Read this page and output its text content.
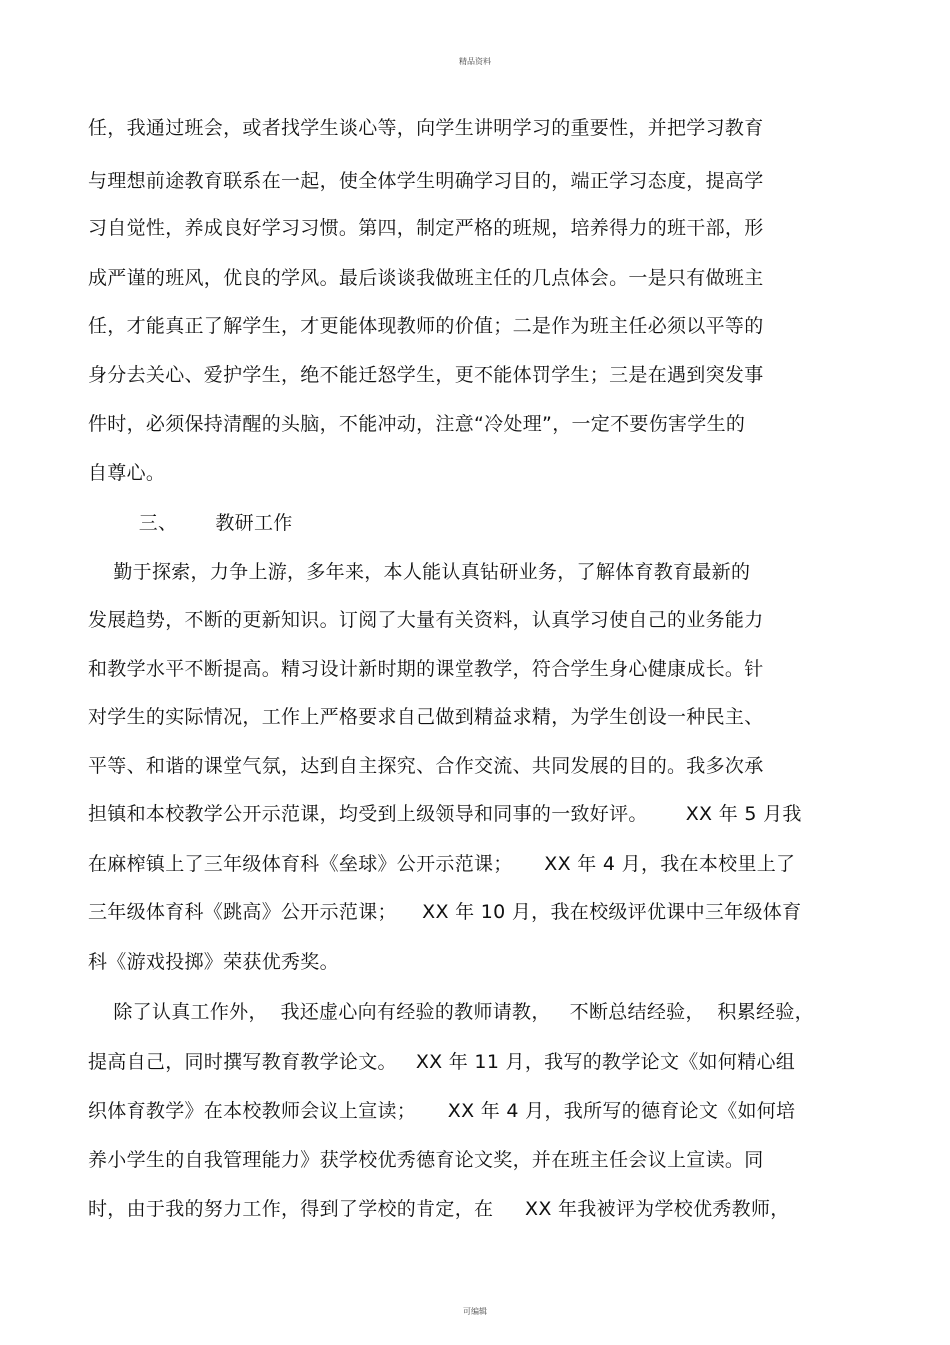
精品资料
任，我通过班会，或者找学生谈心等，向学生讲明学习的重要性，并把学习教育
与理想前途教育联系在一起，使全体学生明确学习目的，端正学习态度，提高学
习自觉性，养成良好学习习惯。第四，制定严格的班规，培养得力的班干部，形
成严谨的班风，优良的学风。最后谈谈我做班主任的几点体会。一是只有做班主
任，才能真正了解学生，才更能体现教师的价值；二是作为班主任必须以平等的
身分去关心、爱护学生，绝不能迁怒学生，更不能体罚学生；三是在遇到突发事
件时，必须保持清醒的头脑，不能冲动，注意“冷处理”，一定不要伤害学生的
自尊心。
三、      教研工作
勤于探索，力争上游，多年来，本人能认真钻研业务，了解体育教育最新的
发展趋势，不断的更新知识。订阅了大量有关资料，认真学习使自己的业务能力
和教学水平不断提高。精习设计新时期的课堂教学，符合学生身心健康成长。针
对学生的实际情况，工作上严格要求自己做到精益求精，为学生创设一种民主、
平等、和谐的课堂气氛，达到自主探究、合作交流、共同发展的目的。我多次承
担镇和本校教学公开示范课，均受到上级领导和同事的一致好评。      XX 年 5 月我
在麻榨镇上了三年级体育科《垒球》公开示范课；     XX 年 4 月，我在本校里上了
三年级体育科《跳高》公开示范课；    XX 年 10 月，我在校级评优课中三年级体育
科《游戏投掷》荣获优秀奖。
除了认真工作外，  我还虚心向有经验的教师请教，   不断总结经验，  积累经验，
提高自己，同时撰写教育教学论文。   XX 年 11 月，我写的教学论文《如何精心组
织体育教学》在本校教师会议上宣读；     XX 年 4 月，我所写的德育论文《如何培
养小学生的自我管理能力》获学校优秀德育论文奖，并在班主任会议上宣读。同
时，由于我的努力工作，得到了学校的肯定，在     XX 年我被评为学校优秀教师，
可编辑
